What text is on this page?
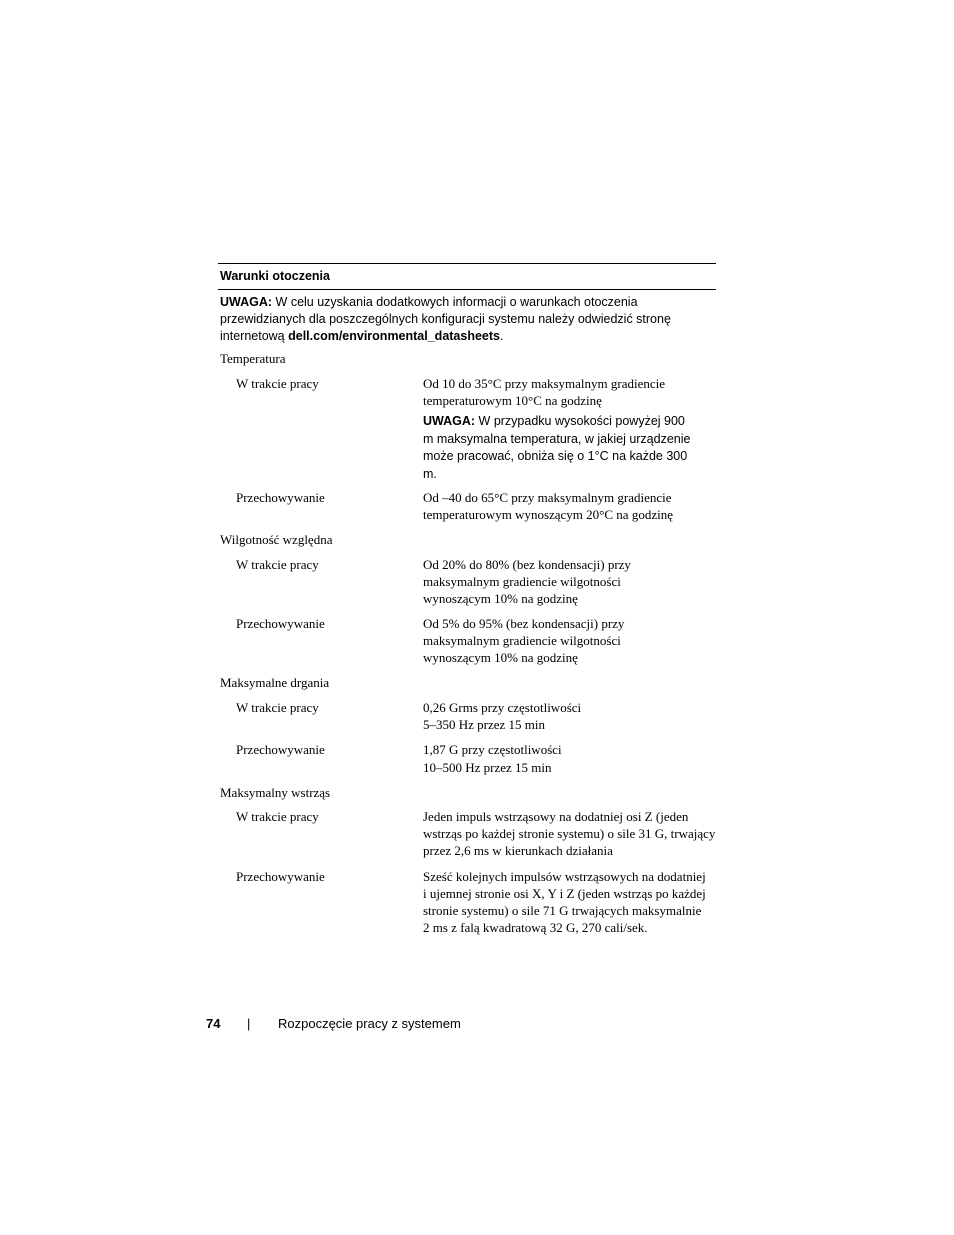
Warunki otoczenia
UWAGA: W celu uzyskania dodatkowych informacji o warunkach otoczenia przewidzianych dla poszczególnych konfiguracji systemu należy odwiedzić stronę internetową dell.com/environmental_datasheets.
Temperatura
W trakcie pracy	Od 10 do 35°C przy maksymalnym gradiencie temperaturowym 10°C na godzinę
UWAGA: W przypadku wysokości powyżej 900 m maksymalna temperatura, w jakiej urządzenie może pracować, obniża się o 1°C na każde 300 m.
Przechowywanie	Od –40 do 65°C przy maksymalnym gradiencie temperaturowym wynoszącym 20°C na godzinę
Wilgotność względna
W trakcie pracy	Od 20% do 80% (bez kondensacji) przy maksymalnym gradiencie wilgotności wynoszącym 10% na godzinę
Przechowywanie	Od 5% do 95% (bez kondensacji) przy maksymalnym gradiencie wilgotności wynoszącym 10% na godzinę
Maksymalne drgania
W trakcie pracy	0,26 Grms przy częstotliwości
5–350 Hz przez 15 min
Przechowywanie	1,87 G przy częstotliwości
10–500 Hz przez 15 min
Maksymalny wstrząs
W trakcie pracy	Jeden impuls wstrząsowy na dodatniej osi Z (jeden wstrząs po każdej stronie systemu) o sile 31 G, trwający przez 2,6 ms w kierunkach działania
Przechowywanie	Sześć kolejnych impulsów wstrząsowych na dodatniej i ujemnej stronie osi X, Y i Z (jeden wstrząs po każdej stronie systemu) o sile 71 G trwających maksymalnie 2 ms z falą kwadratową 32 G, 270 cali/sek.
74 | Rozpoczęcie pracy z systemem
